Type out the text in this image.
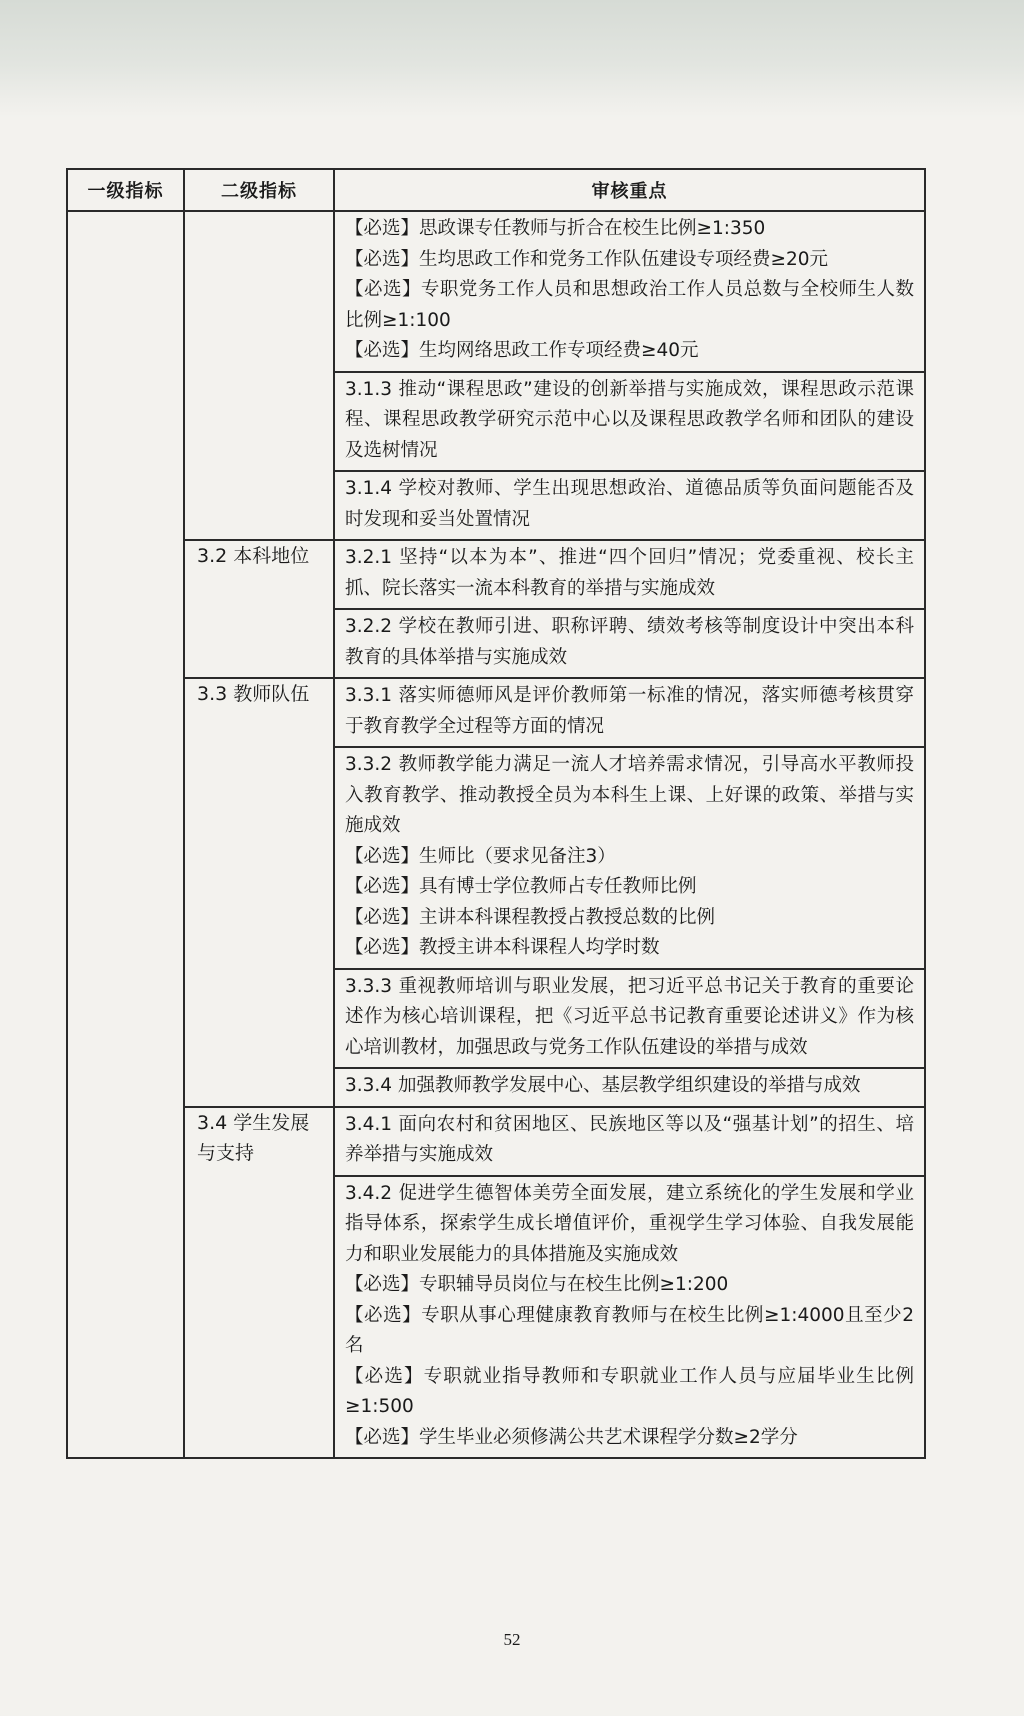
一级指标	二级指标	审核重点

		【必选】思政课专任教师与折合在校生比例≥1:350
【必选】生均思政工作和党务工作队伍建设专项经费≥20元
【必选】专职党务工作人员和思想政治工作人员总数与全校师生人数比例≥1:100
【必选】生均网络思政工作专项经费≥40元

		3.1.3 推动“课程思政”建设的创新举措与实施成效，课程思政示范课程、课程思政教学研究示范中心以及课程思政教学名师和团队的建设及选树情况

		3.1.4 学校对教师、学生出现思想政治、道德品质等负面问题能否及时发现和妥当处置情况

	3.2 本科地位	3.2.1 坚持“以本为本”、推进“四个回归”情况；党委重视、校长主抓、院长落实一流本科教育的举措与实施成效

		3.2.2 学校在教师引进、职称评聘、绩效考核等制度设计中突出本科教育的具体举措与实施成效

	3.3 教师队伍	3.3.1 落实师德师风是评价教师第一标准的情况，落实师德考核贯穿于教育教学全过程等方面的情况

		3.3.2 教师教学能力满足一流人才培养需求情况，引导高水平教师投入教育教学、推动教授全员为本科生上课、上好课的政策、举措与实施成效
【必选】生师比（要求见备注3）
【必选】具有博士学位教师占专任教师比例
【必选】主讲本科课程教授占教授总数的比例
【必选】教授主讲本科课程人均学时数

		3.3.3 重视教师培训与职业发展，把习近平总书记关于教育的重要论述作为核心培训课程，把《习近平总书记教育重要论述讲义》作为核心培训教材，加强思政与党务工作队伍建设的举措与成效

		3.3.4 加强教师教学发展中心、基层教学组织建设的举措与成效

	3.4 学生发展与支持	3.4.1 面向农村和贫困地区、民族地区等以及“强基计划”的招生、培养举措与实施成效

		3.4.2 促进学生德智体美劳全面发展，建立系统化的学生发展和学业指导体系，探索学生成长增值评价，重视学生学习体验、自我发展能力和职业发展能力的具体措施及实施成效
【必选】专职辅导员岗位与在校生比例≥1:200
【必选】专职从事心理健康教育教师与在校生比例≥1:4000且至少2名
【必选】专职就业指导教师和专职就业工作人员与应届毕业生比例≥1:500
【必选】学生毕业必须修满公共艺术课程学分数≥2学分
52
